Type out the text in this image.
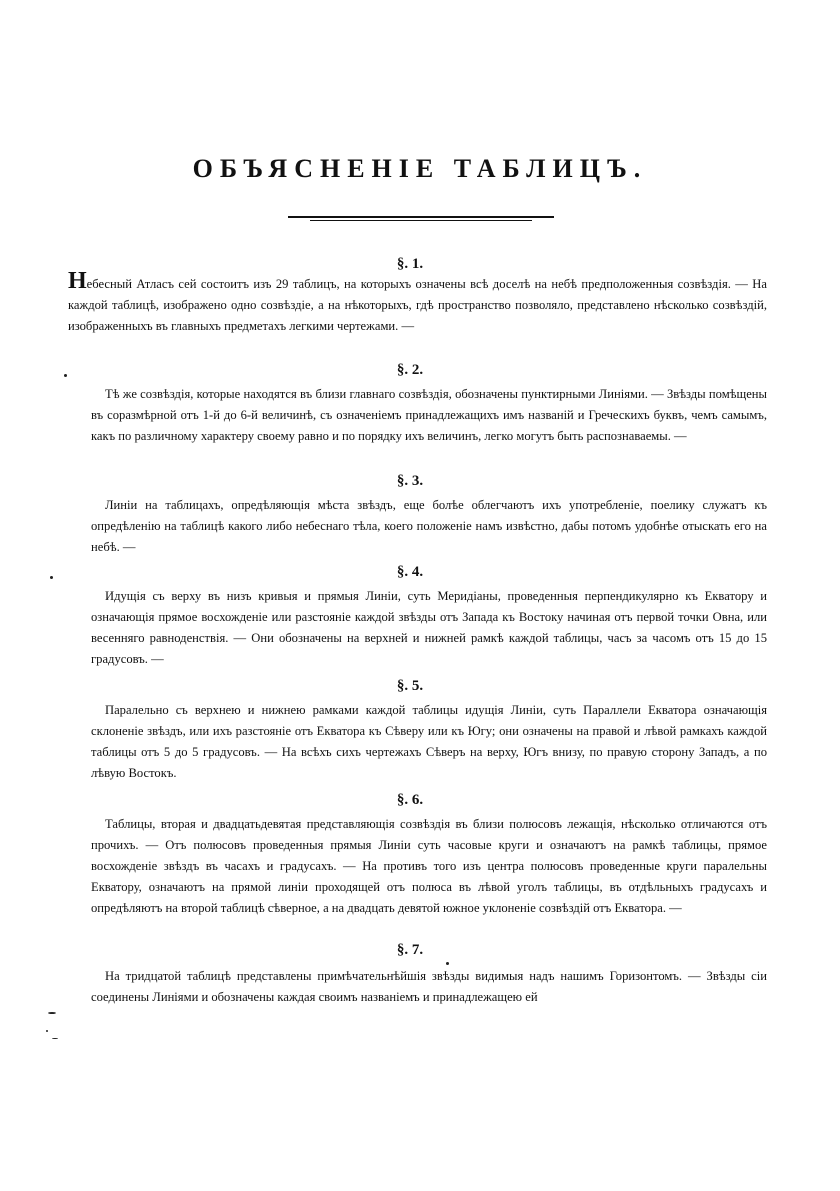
ОБЪЯСНЕНІЕ ТАБЛИЦЪ.
§. 1.
Небесный Атласъ сей состоитъ изъ 29 таблицъ, на которыхъ означены всѣ доселѣ на небѣ предположенныя созвѣздія. — На каждой таблицѣ, изображено одно созвѣздіе, а на нѣкоторыхъ, гдѣ пространство позволяло, представлено нѣсколько созвѣздій, изображенныхъ въ главныхъ предметахъ легкими чертежами. —
§. 2.
Тѣ же созвѣздія, которые находятся въ близи главнаго созвѣздія, обозначены пунктирными Линіями. — Звѣзды помѣщены въ соразмѣрной отъ 1-й до 6-й величинѣ, съ означеніемъ принадлежащихъ имъ названій и Греческихъ буквъ, чемъ самымъ, какъ по различному характеру своему равно и по порядку ихъ величинъ, легко могутъ быть распознаваемы. —
§. 3.
Линіи на таблицахъ, опредѣляющія мѣста звѣздъ, еще болѣе облегчаютъ ихъ употребленіе, поелику служатъ къ опредѣленію на таблицѣ какого либо небеснаго тѣла, коего положеніе намъ извѣстно, дабы потомъ удобнѣе отыскать его на небѣ. —
§. 4.
Идущія съ верху въ низъ кривыя и прямыя Линіи, суть Меридіаны, проведенныя перпендикулярно къ Екватору и означающія прямое восхожденіе или разстояніе каждой звѣзды отъ Запада къ Востоку начиная отъ первой точки Овна, или весенняго равноденствія. — Они обозначены на верхней и нижней рамкѣ каждой таблицы, часъ за часомъ отъ 15 до 15 градусовъ. —
§. 5.
Паралельно съ верхнею и нижнею рамками каждой таблицы идущія Линіи, суть Параллели Екватора означающія склоненіе звѣздъ, или ихъ разстояніе отъ Екватора къ Сѣверу или къ Югу; они означены на правой и лѣвой рамкахъ каждой таблицы отъ 5 до 5 градусовъ. — На всѣхъ сихъ чертежахъ Сѣверъ на верху, Югъ внизу, по правую сторону Западъ, а по лѣвую Востокъ.
§. 6.
Таблицы, вторая и двадцатьдевятая представляющія созвѣздія въ близи полюсовъ лежащія, нѣсколько отличаются отъ прочихъ. — Отъ полюсовъ проведенныя прямыя Линіи суть часовые круги и означаютъ на рамкѣ таблицы, прямое восхожденіе звѣздъ въ часахъ и градусахъ. — На противъ того изъ центра полюсовъ проведенные круги паралельны Екватору, означаютъ на прямой линіи проходящей отъ полюса въ лѣвой уголъ таблицы, въ отдѣльныхъ градусахъ и опредѣляютъ на второй таблицѣ сѣверное, а на двадцать девятой южное уклоненіе созвѣздій отъ Екватора. —
§. 7.
На тридцатой таблицѣ представлены примѣчательнѣйшія звѣзды видимыя надъ нашимъ Горизонтомъ. — Звѣзды сіи соединены Линіями и обозначены каждая своимъ названіемъ и принадлежащею ей
